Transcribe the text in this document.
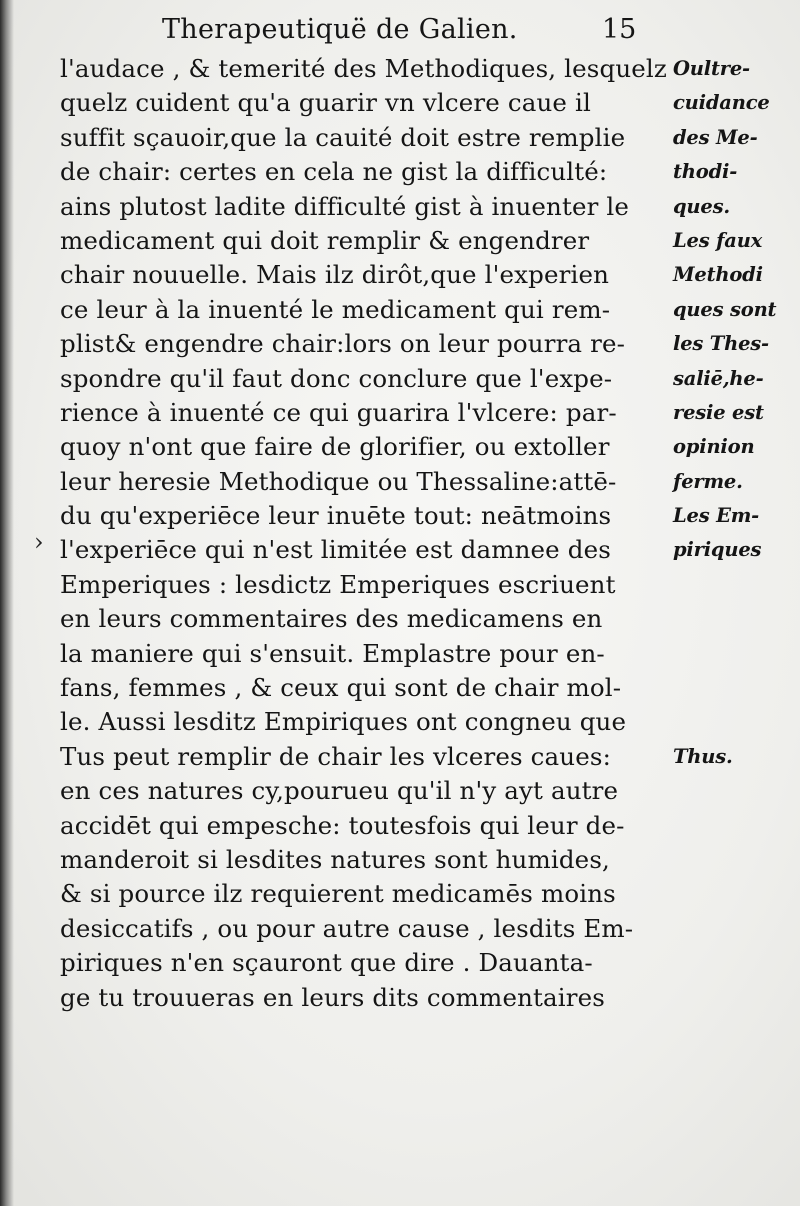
Therapeutiquë de Galien.	15
›
l'audace , & temerité des Methodiques, lesquelz
quelz cuident qu'a guarir vn vlcere caue il
suffit sçauoir,que la cauité doit estre remplie
de chair: certes en cela ne gist la difficulté:
ains plutost ladite difficulté gist à inuenter le
medicament qui doit remplir & engendrer
chair nouuelle. Mais ilz dirôt,que l'experien
ce leur à la inuenté le medicament qui rem-
plist& engendre chair:lors on leur pourra re-
spondre qu'il faut donc conclure que l'expe-
rience à inuenté ce qui guarira l'vlcere: par-
quoy n'ont que faire de glorifier, ou extoller
leur heresie Methodique ou Thessaline:attē-
du qu'experiēce leur inuēte tout: neātmoins
l'experiēce qui n'est limitée est damnee des
Emperiques : lesdictz Emperiques escriuent
en leurs commentaires des medicamens en
la maniere qui s'ensuit. Emplastre pour en-
fans, femmes , & ceux qui sont de chair mol-
le. Aussi lesditz Empiriques ont congneu que
Tus peut remplir de chair les vlceres caues:
en ces natures cy,pourueu qu'il n'y ayt autre
accidēt qui empesche: toutesfois qui leur de-
manderoit si lesdites natures sont humides,
& si pource ilz requierent medicamēs moins
desiccatifs , ou pour autre cause , lesdits Em-
piriques n'en sçauront que dire . Dauanta-
ge tu trouueras en leurs dits commentaires
Oultre-
cuidance
des Me-
thodi-
ques.
Les faux
Methodi
ques sont
les Thes-
saliē,he-
resie est
opinion
ferme.
Les Em-
piriques
Thus.
